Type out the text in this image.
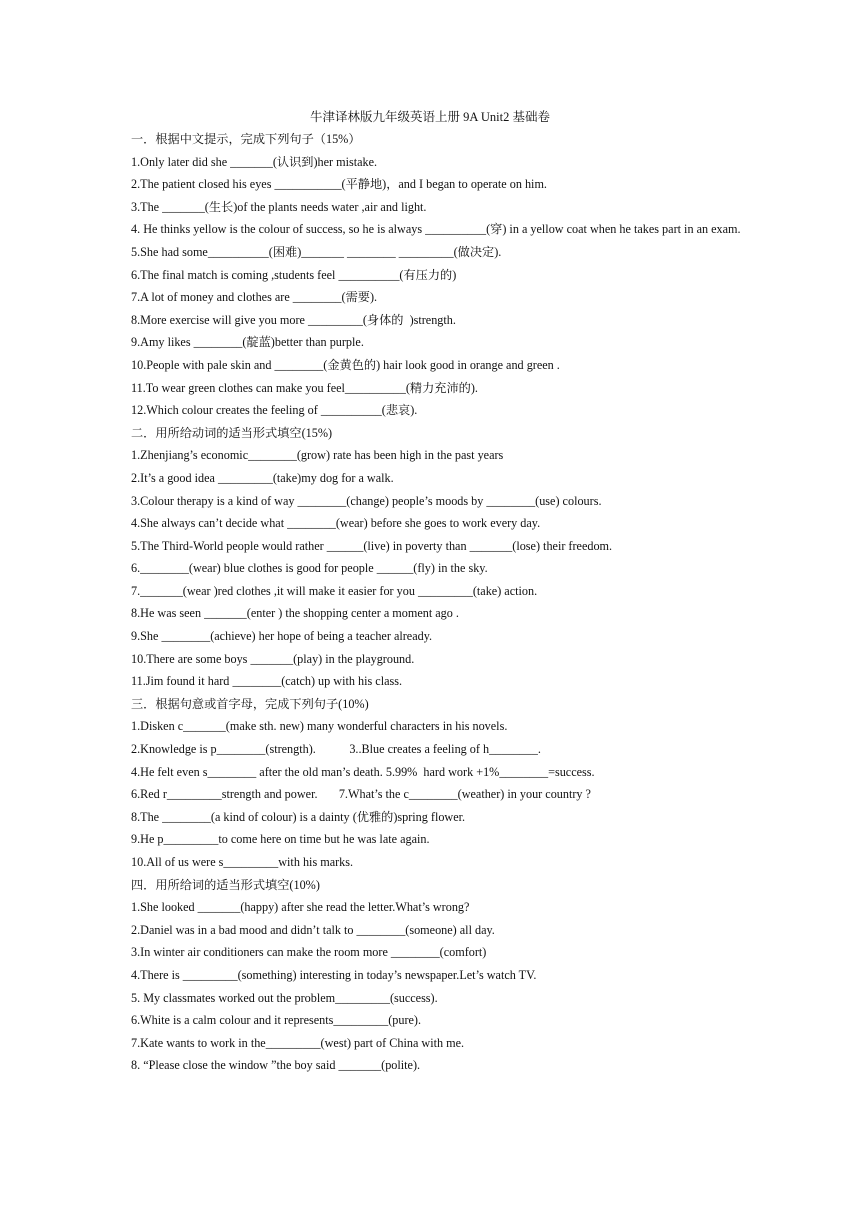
牛津译林版九年级英语上册 9A Unit2 基础卷
一．根据中文提示，完成下列句子（15%）
1.Only later did she _______(认识到)her mistake.
2.The patient closed his eyes ___________(平静地)，and I began to operate on him.
3.The _______(生长)of the plants needs water ,air and light.
4. He thinks yellow is the colour of success, so he is always __________(穿) in a yellow coat when he takes part in an exam.
5.She had some__________(困难)_______ ________ _________(做决定).
6.The final match is coming ,students feel __________(有压力的)
7.A lot of money and clothes are ________(需要).
8.More exercise will give you more _________(身体的  )strength.
9.Amy likes ________(靛蓝)better than purple.
10.People with pale skin and ________(金黄色的) hair look good in orange and green .
11.To wear green clothes can make you feel__________(精力充沛的).
12.Which colour creates the feeling of __________(悲哀).
二．用所给动词的适当形式填空(15%)
1.Zhenjiang’s economic________(grow) rate has been high in the past years
2.It’s a good idea _________(take)my dog for a walk.
3.Colour therapy is a kind of way ________(change) people’s moods by ________(use) colours.
4.She always can’t decide what ________(wear) before she goes to work every day.
5.The Third-World people would rather ______(live) in poverty than _______(lose) their freedom.
6.________(wear) blue clothes is good for people ______(fly) in the sky.
7._______(wear )red clothes ,it will make it easier for you _________(take) action.
8.He was seen _______(enter ) the shopping center a moment ago .
9.She ________(achieve) her hope of being a teacher already.
10.There are some boys _______(play) in the playground.
11.Jim found it hard ________(catch) up with his class.
三．根据句意或首字母，完成下列句子(10%)
1.Disken c_______(make sth. new) many wonderful characters in his novels.
2.Knowledge is p________(strength).           3..Blue creates a feeling of h________.
4.He felt even s________ after the old man’s death. 5.99%  hard work +1%________=success.
6.Red r_________strength and power.       7.What’s the c________(weather) in your country ?
8.The ________(a kind of colour) is a dainty (优雅的)spring flower.
9.He p_________to come here on time but he was late again.
10.All of us were s_________with his marks.
四．用所给词的适当形式填空(10%)
1.She looked _______(happy) after she read the letter.What’s wrong?
2.Daniel was in a bad mood and didn’t talk to ________(someone) all day.
3.In winter air conditioners can make the room more ________(comfort)
4.There is _________(something) interesting in today’s newspaper.Let’s watch TV.
5. My classmates worked out the problem_________(success).
6.White is a calm colour and it represents_________(pure).
7.Kate wants to work in the_________(west) part of China with me.
8. “Please close the window ”the boy said _______(polite).
